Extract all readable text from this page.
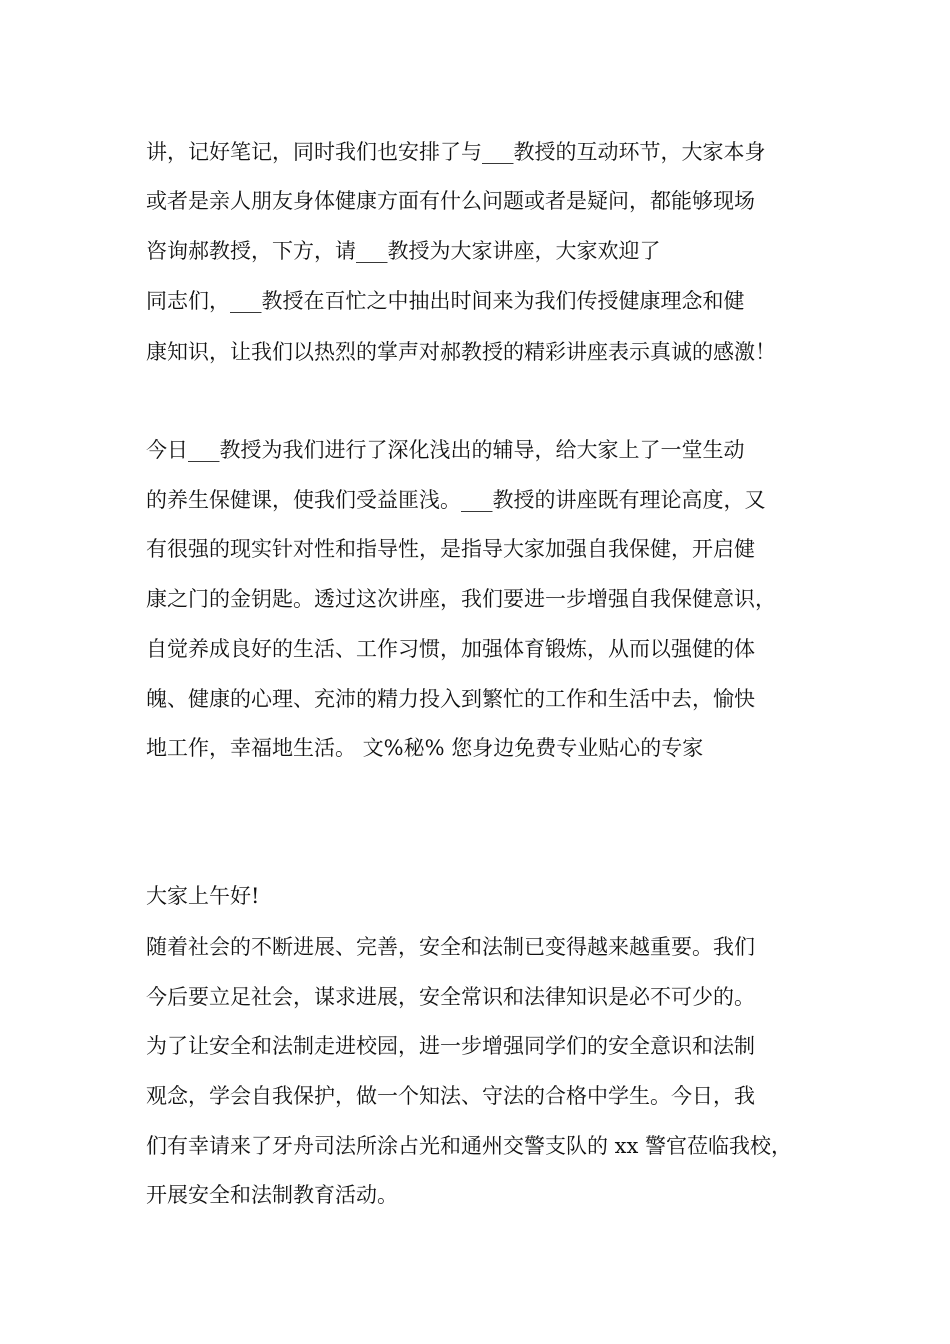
讲，记好笔记，同时我们也安排了与___教授的互动环节，大家本身
或者是亲人朋友身体健康方面有什么问题或者是疑问，都能够现场
咨询郝教授，下方，请___教授为大家讲座，大家欢迎了
同志们，___教授在百忙之中抽出时间来为我们传授健康理念和健
康知识，让我们以热烈的掌声对郝教授的精彩讲座表示真诚的感激！
今日___教授为我们进行了深化浅出的辅导，给大家上了一堂生动
的养生保健课，使我们受益匪浅。___教授的讲座既有理论高度，又
有很强的现实针对性和指导性，是指导大家加强自我保健，开启健
康之门的金钥匙。透过这次讲座，我们要进一步增强自我保健意识，
自觉养成良好的生活、工作习惯，加强体育锻炼，从而以强健的体
魄、健康的心理、充沛的精力投入到繁忙的工作和生活中去，愉快
地工作，幸福地生活。 文%秘% 您身边免费专业贴心的专家
大家上午好!
随着社会的不断进展、完善，安全和法制已变得越来越重要。我们
今后要立足社会，谋求进展，安全常识和法律知识是必不可少的。
为了让安全和法制走进校园，进一步增强同学们的安全意识和法制
观念，学会自我保护，做一个知法、守法的合格中学生。今日，我
们有幸请来了牙舟司法所涂占光和通州交警支队的 xx 警官莅临我校，
开展安全和法制教育活动。
